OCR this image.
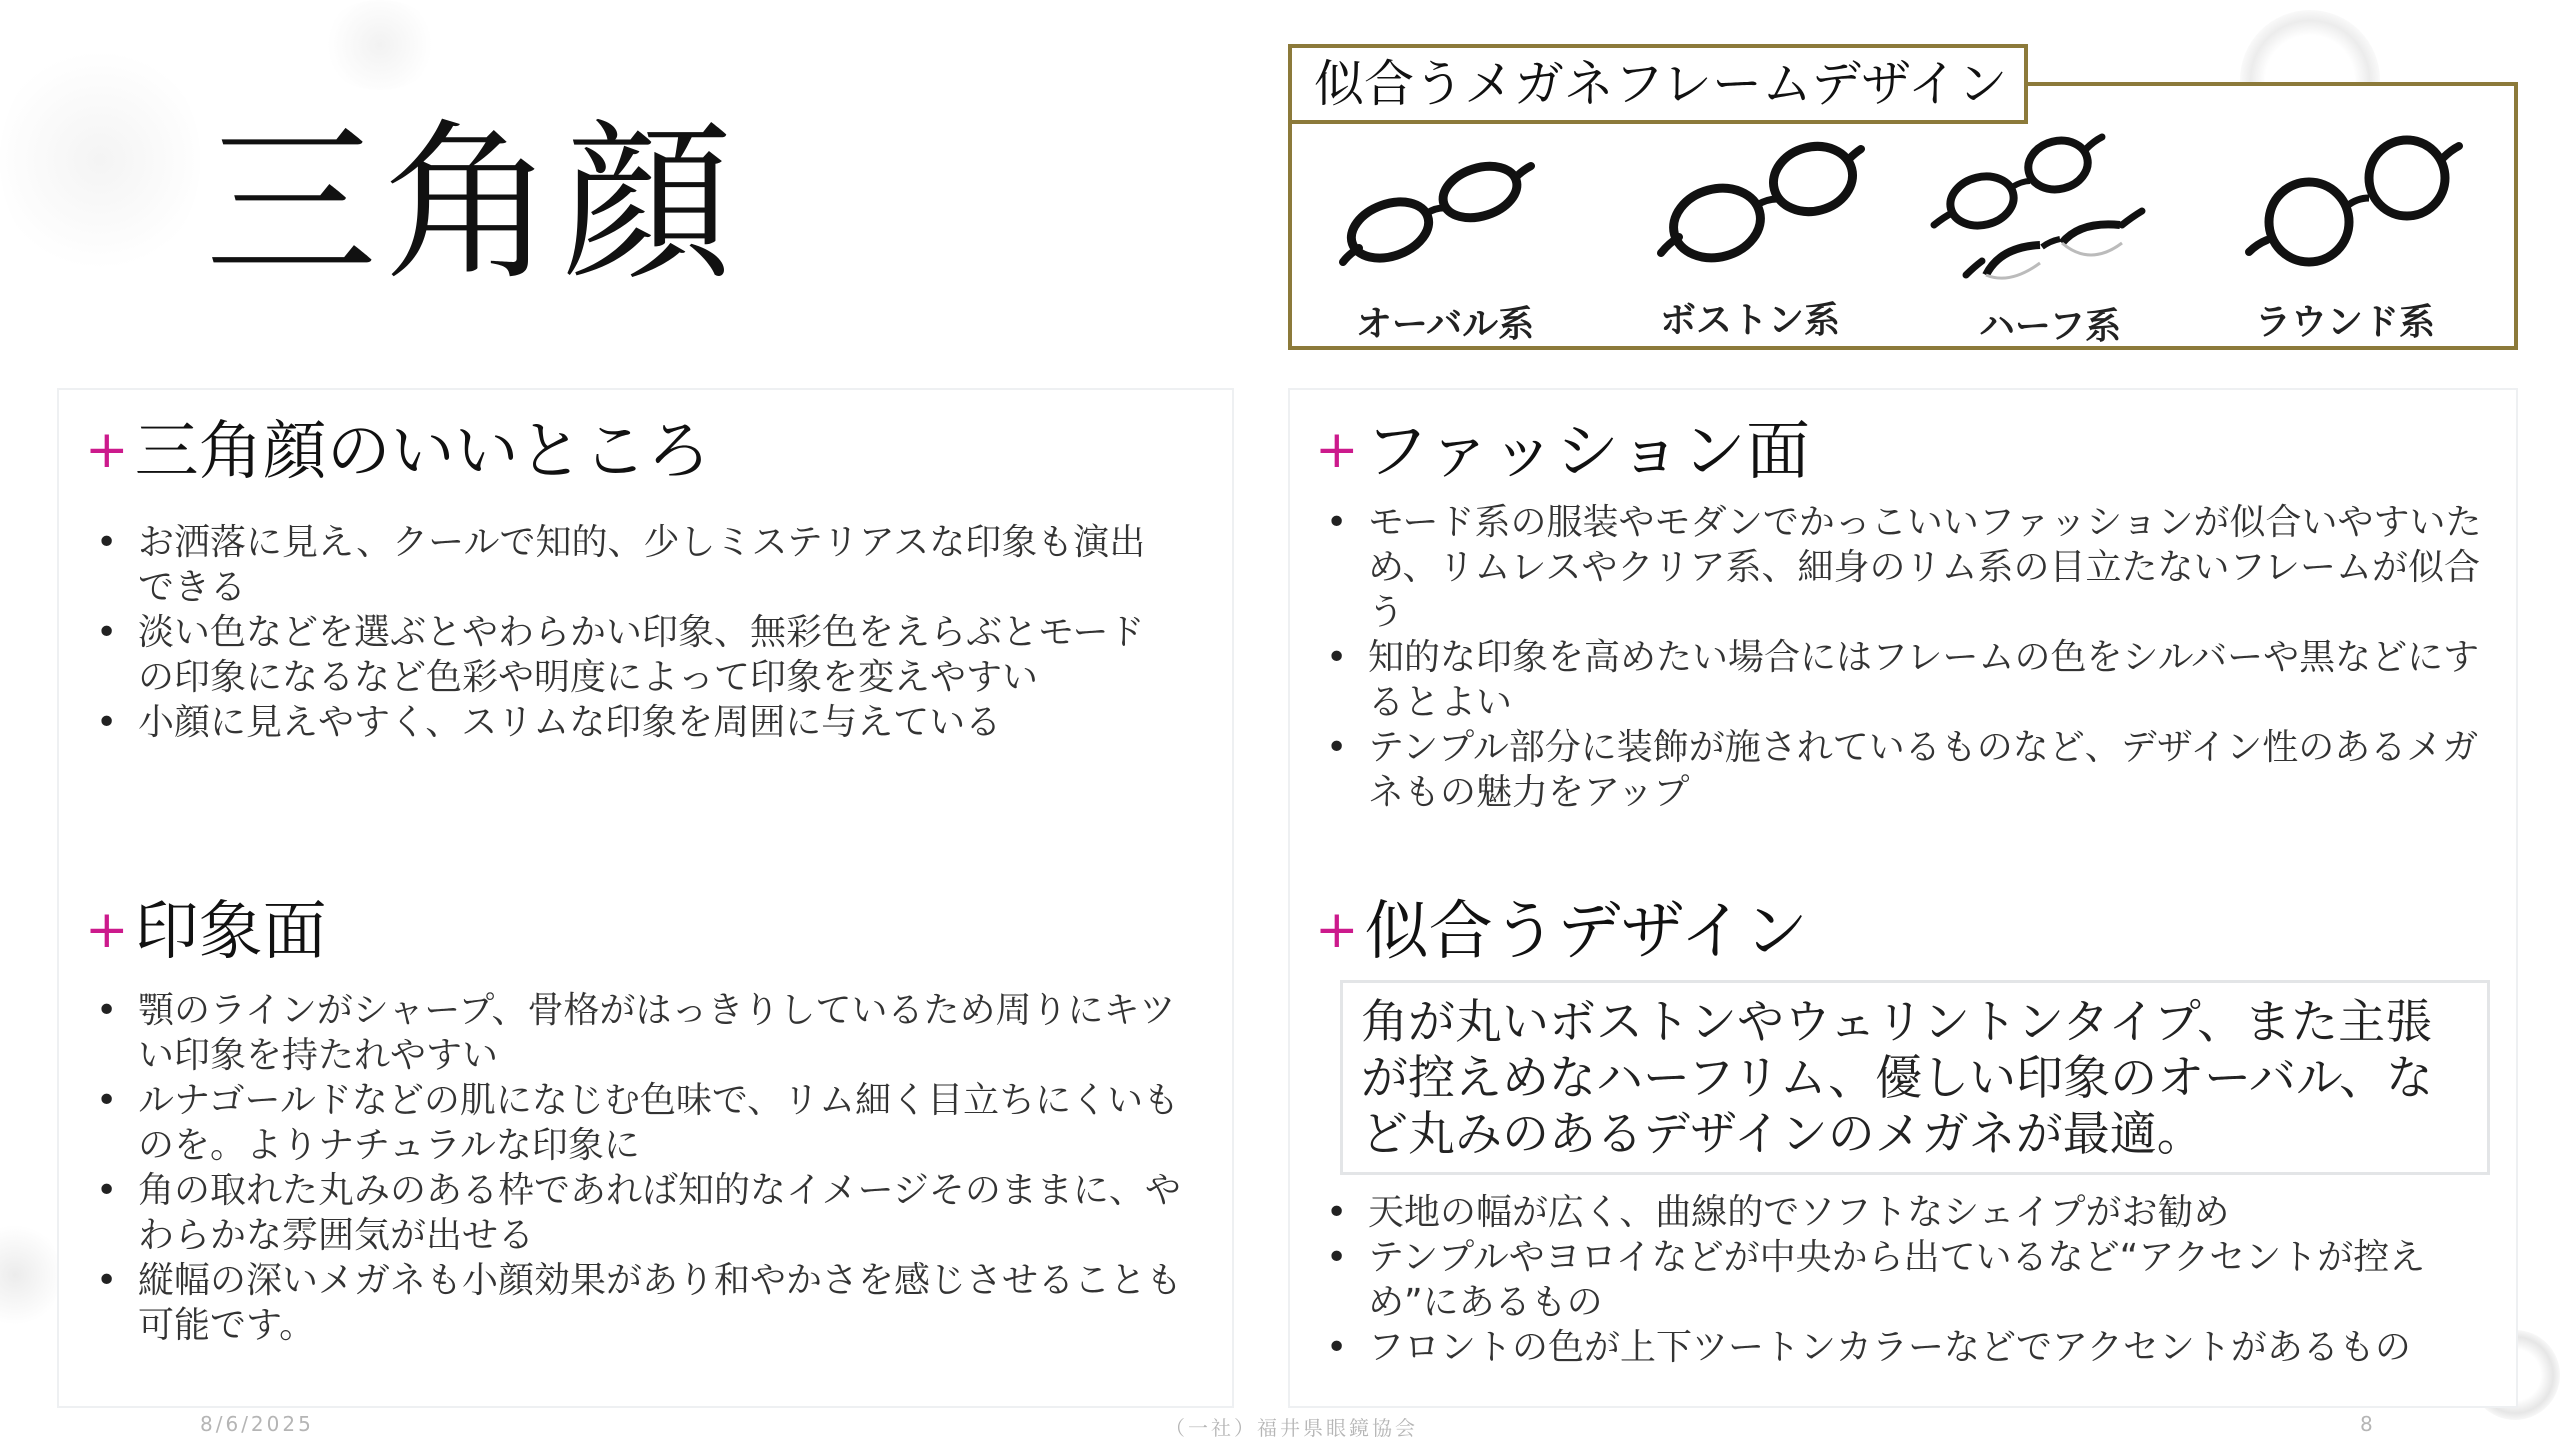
三角顔
似合うメガネフレームデザイン
オーバル系	ボストン系	ハーフ系	ラウンド系
+三角顔のいいところ
• お洒落に見え、クールで知的、少しミステリアスな印象も演出できる
• 淡い色などを選ぶとやわらかい印象、無彩色をえらぶとモードの印象になるなど色彩や明度によって印象を変えやすい
• 小顔に見えやすく、スリムな印象を周囲に与えている
+印象面
• 顎のラインがシャープ、骨格がはっきりしているため周りにキツい印象を持たれやすい
• ルナゴールドなどの肌になじむ色味で、リム細く目立ちにくいものを。よりナチュラルな印象に
• 角の取れた丸みのある枠であれば知的なイメージそのままに、やわらかな雰囲気が出せる
• 縦幅の深いメガネも小顔効果があり和やかさを感じさせることも可能です。
+ファッション面
• モード系の服装やモダンでかっこいいファッションが似合いやすいため、リムレスやクリア系、細身のリム系の目立たないフレームが似合う
• 知的な印象を高めたい場合にはフレームの色をシルバーや黒などにするとよい
• テンプル部分に装飾が施されているものなど、デザイン性のあるメガネもの魅力をアップ
+似合うデザイン
角が丸いボストンやウェリントンタイプ、また主張が控えめなハーフリム、優しい印象のオーバル、など丸みのあるデザインのメガネが最適。
• 天地の幅が広く、曲線的でソフトなシェイプがお勧め
• テンプルやヨロイなどが中央から出ているなど“アクセントが控え め”にあるもの
• フロントの色が上下ツートンカラーなどでアクセントがあるもの
8/6/2025	（一社）福井県眼鏡協会	8
